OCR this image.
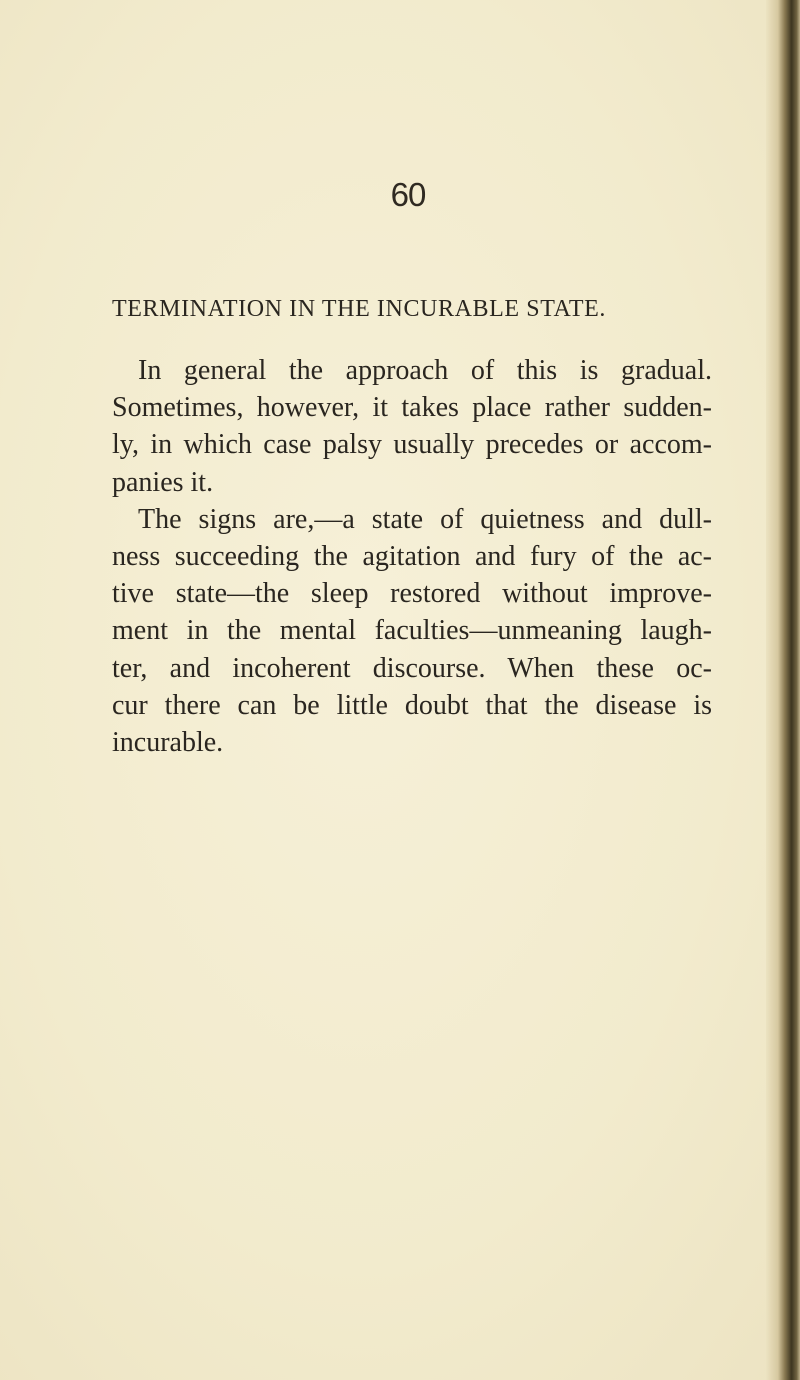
60
TERMINATION IN THE INCURABLE STATE.
In general the approach of this is gradual.
Sometimes, however, it takes place rather sudden-
ly, in which case palsy usually precedes or accom-
panies it.
The signs are,—a state of quietness and dull-
ness succeeding the agitation and fury of the ac-
tive state—the sleep restored without improve-
ment in the mental faculties—unmeaning laugh-
ter, and incoherent discourse. When these oc-
cur there can be little doubt that the disease is
incurable.
